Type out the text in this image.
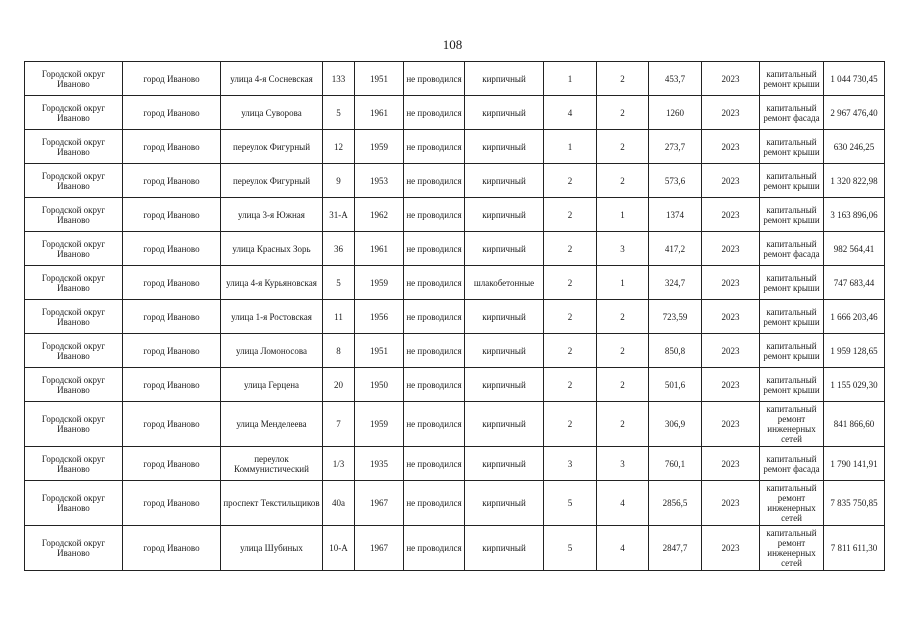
108
Городской округ Иваново	город Иваново	улица 4-я Сосневская	133	1951	не проводился	кирпичный	1	2	453,7	2023	капитальный ремонт крыши	1 044 730,45
Городской округ Иваново	город Иваново	улица Суворова	5	1961	не проводился	кирпичный	4	2	1260	2023	капитальный ремонт фасада	2 967 476,40
Городской округ Иваново	город Иваново	переулок Фигурный	12	1959	не проводился	кирпичный	1	2	273,7	2023	капитальный ремонт крыши	630 246,25
Городской округ Иваново	город Иваново	переулок Фигурный	9	1953	не проводился	кирпичный	2	2	573,6	2023	капитальный ремонт крыши	1 320 822,98
Городской округ Иваново	город Иваново	улица 3-я Южная	31-А	1962	не проводился	кирпичный	2	1	1374	2023	капитальный ремонт крыши	3 163 896,06
Городской округ Иваново	город Иваново	улица Красных Зорь	36	1961	не проводился	кирпичный	2	3	417,2	2023	капитальный ремонт фасада	982 564,41
Городской округ Иваново	город Иваново	улица 4-я Курьяновская	5	1959	не проводился	шлакобетонные	2	1	324,7	2023	капитальный ремонт крыши	747 683,44
Городской округ Иваново	город Иваново	улица 1-я Ростовская	11	1956	не проводился	кирпичный	2	2	723,59	2023	капитальный ремонт крыши	1 666 203,46
Городской округ Иваново	город Иваново	улица Ломоносова	8	1951	не проводился	кирпичный	2	2	850,8	2023	капитальный ремонт крыши	1 959 128,65
Городской округ Иваново	город Иваново	улица Герцена	20	1950	не проводился	кирпичный	2	2	501,6	2023	капитальный ремонт крыши	1 155 029,30
Городской округ Иваново	город Иваново	улица Менделеева	7	1959	не проводился	кирпичный	2	2	306,9	2023	капитальный ремонт инженерных сетей	841 866,60
Городской округ Иваново	город Иваново	переулок Коммунистический	1/3	1935	не проводился	кирпичный	3	3	760,1	2023	капитальный ремонт фасада	1 790 141,91
Городской округ Иваново	город Иваново	проспект Текстильщиков	40а	1967	не проводился	кирпичный	5	4	2856,5	2023	капитальный ремонт инженерных сетей	7 835 750,85
Городской округ Иваново	город Иваново	улица Шубиных	10-А	1967	не проводился	кирпичный	5	4	2847,7	2023	капитальный ремонт инженерных сетей	7 811 611,30
